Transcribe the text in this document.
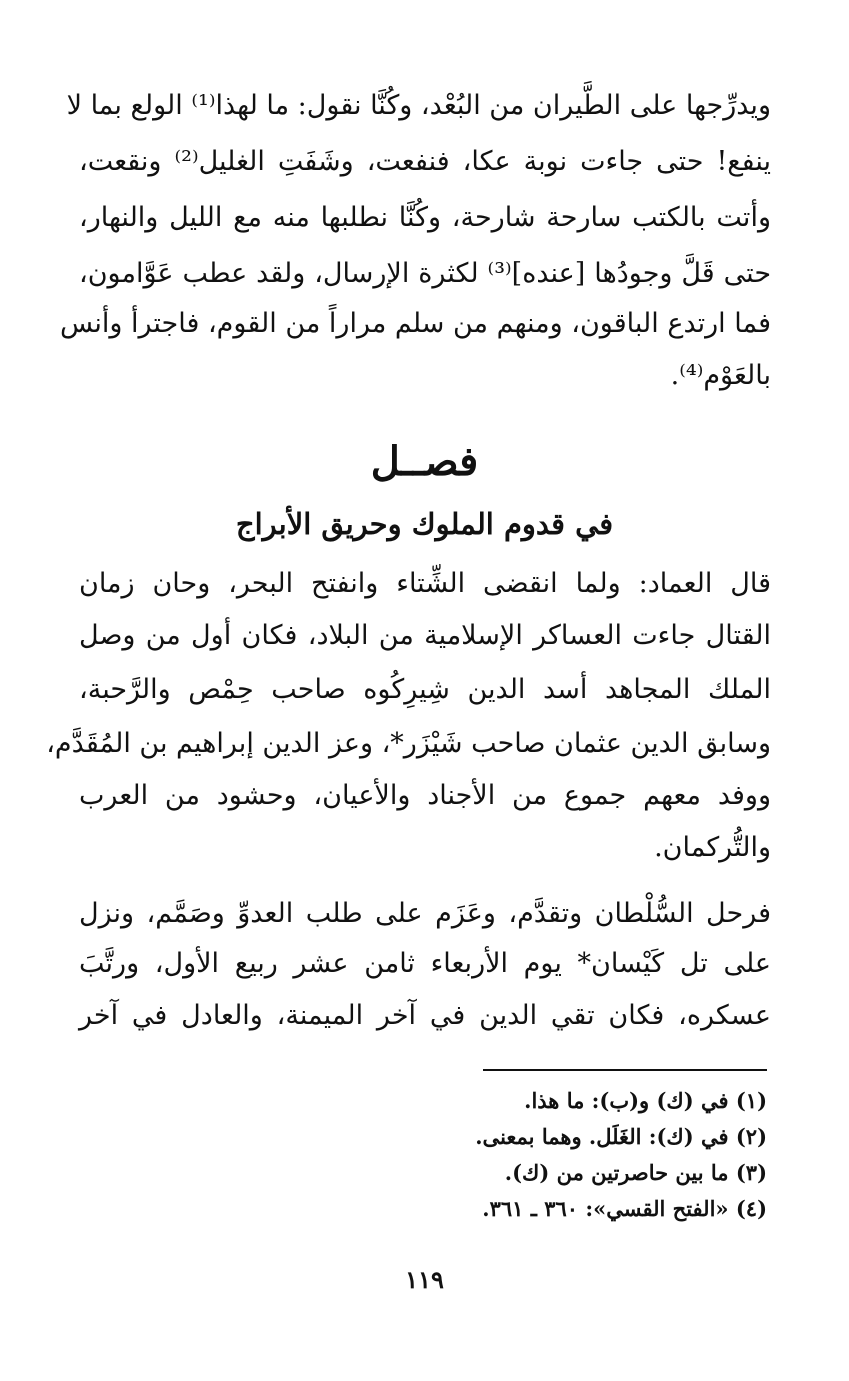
ويدرِّجها على الطَّيران من البُعْد، وكُنَّا نقول: ما لهذا⁽¹⁾ الولع بما لا
ينفع! حتى جاءت نوبة عكا، فنفعت، وشَفَتِ الغليل⁽²⁾ ونقعت،
وأتت بالكتب سارحة شارحة، وكُنَّا نطلبها منه مع الليل والنهار،
حتى قَلَّ وجودُها [عنده]⁽³⁾ لكثرة الإرسال، ولقد عطب عَوَّامون،
فما ارتدع الباقون، ومنهم من سلم مراراً من القوم، فاجترأ وأنس
بالعَوْم⁽⁴⁾.
فصــل
في قدوم الملوك وحريق الأبراج
قال العماد: ولما انقضى الشِّتاء وانفتح البحر، وحان زمان
القتال جاءت العساكر الإسلامية من البلاد، فكان أول من وصل
الملك المجاهد أسد الدين شِيرِكُوه صاحب حِمْص والرَّحبة،
وسابق الدين عثمان صاحب شَيْزَر*، وعز الدين إبراهيم بن المُقَدَّم،
ووفد معهم جموع من الأجناد والأعيان، وحشود من العرب
والتُّركمان.
فرحل السُّلْطان وتقدَّم، وعَزَم على طلب العدوِّ وصَمَّم، ونزل
على تل كَيْسان* يوم الأربعاء ثامن عشر ربيع الأول، ورتَّبَ
عسكره، فكان تقي الدين في آخر الميمنة، والعادل في آخر
(١) في (ك) و(ب): ما هذا.
(٢) في (ك): الغَلَل. وهما بمعنى.
(٣) ما بين حاصرتين من (ك).
(٤) «الفتح القسي»: ٣٦٠ ـ ٣٦١.
١١٩
